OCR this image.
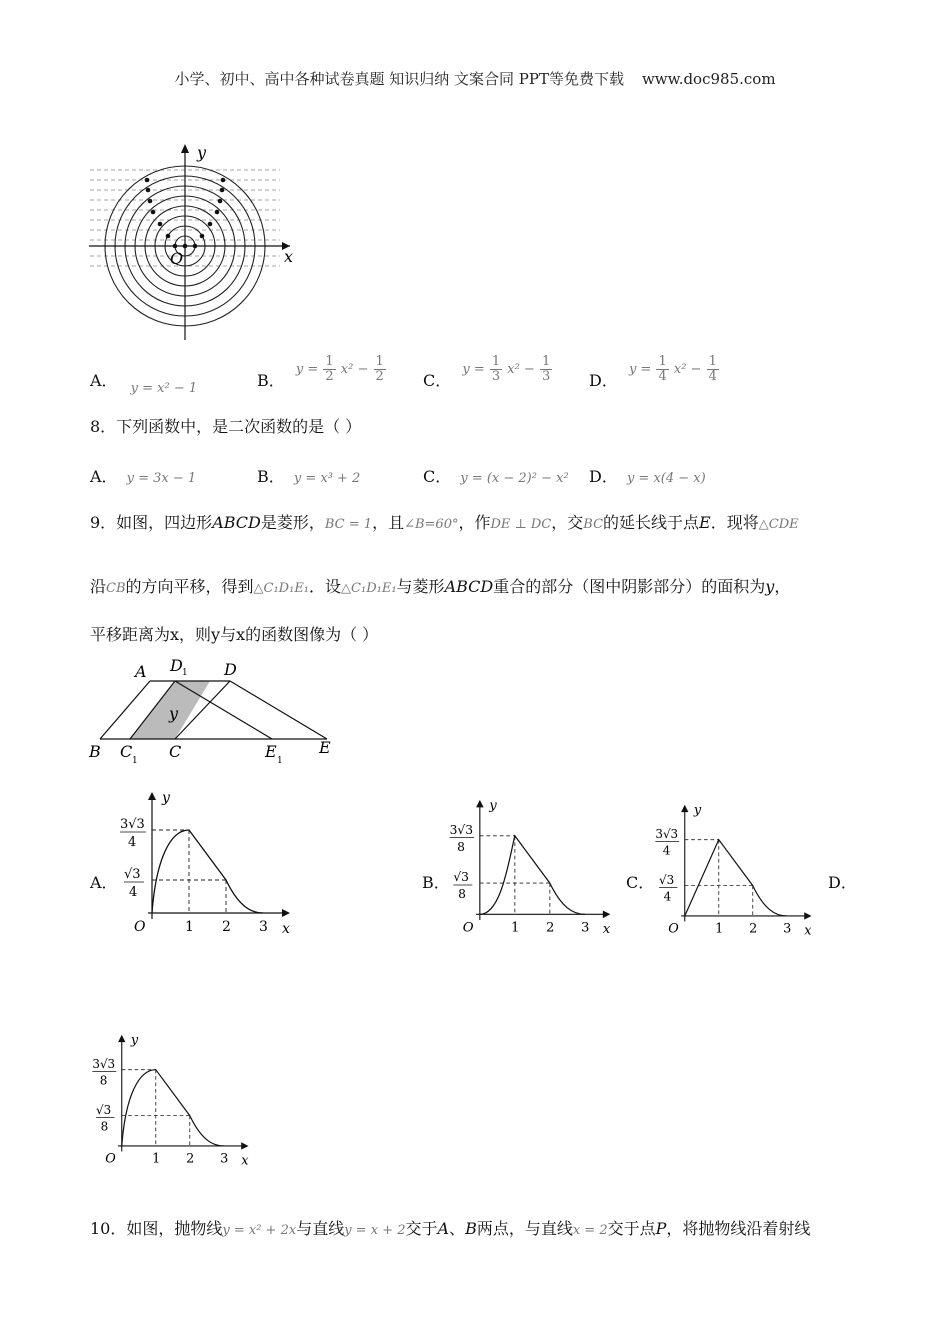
小学、初中、高中各种试卷真题 知识归纳 文案合同 PPT等免费下载 www.doc985.com
y
x
O
A． $_{y = x^2 - 1}$	B． $y = \frac{1}{2} x^2 - \frac{1}{2}$ C． $y = \frac{1}{3} x^2 - \frac{1}{3}$ D． $y = \frac{1}{4} x^2 - \frac{1}{4}$
8．下列函数中，是二次函数的是（ ）
A． y = 3x − 1	B． y = x³ + 2	C． y = (x − 2)² − x² D． y = x(4 − x)
9．如图，四边形ABCD是菱形，BC = 1，且∠B=60°，作DE ⊥ DC，交BC的延长线于点E．现将△CDE
沿CB的方向平移，得到△C₁D₁E₁．设△C₁D₁E₁与菱形ABCD重合的部分（图中阴影部分）的面积为y，
平移距离为x，则y与x的函数图像为（ ）
A D 1 D
y
B C 1 C	E 1
E
A．	B．	C．	D．
y
x
O	1 2 3
3√3
4
√3
4
y
x
O	1 2 3
3√3
8
√3
8
y
x
O	1 2 3
3√3
4
√3
4
y
x
O	1 2 3
3√3
8
√3
8
10．如图，抛物线y = x² + 2x与直线y = x + 2交于A、B两点，与直线x = 2交于点P，将抛物线沿着射线
